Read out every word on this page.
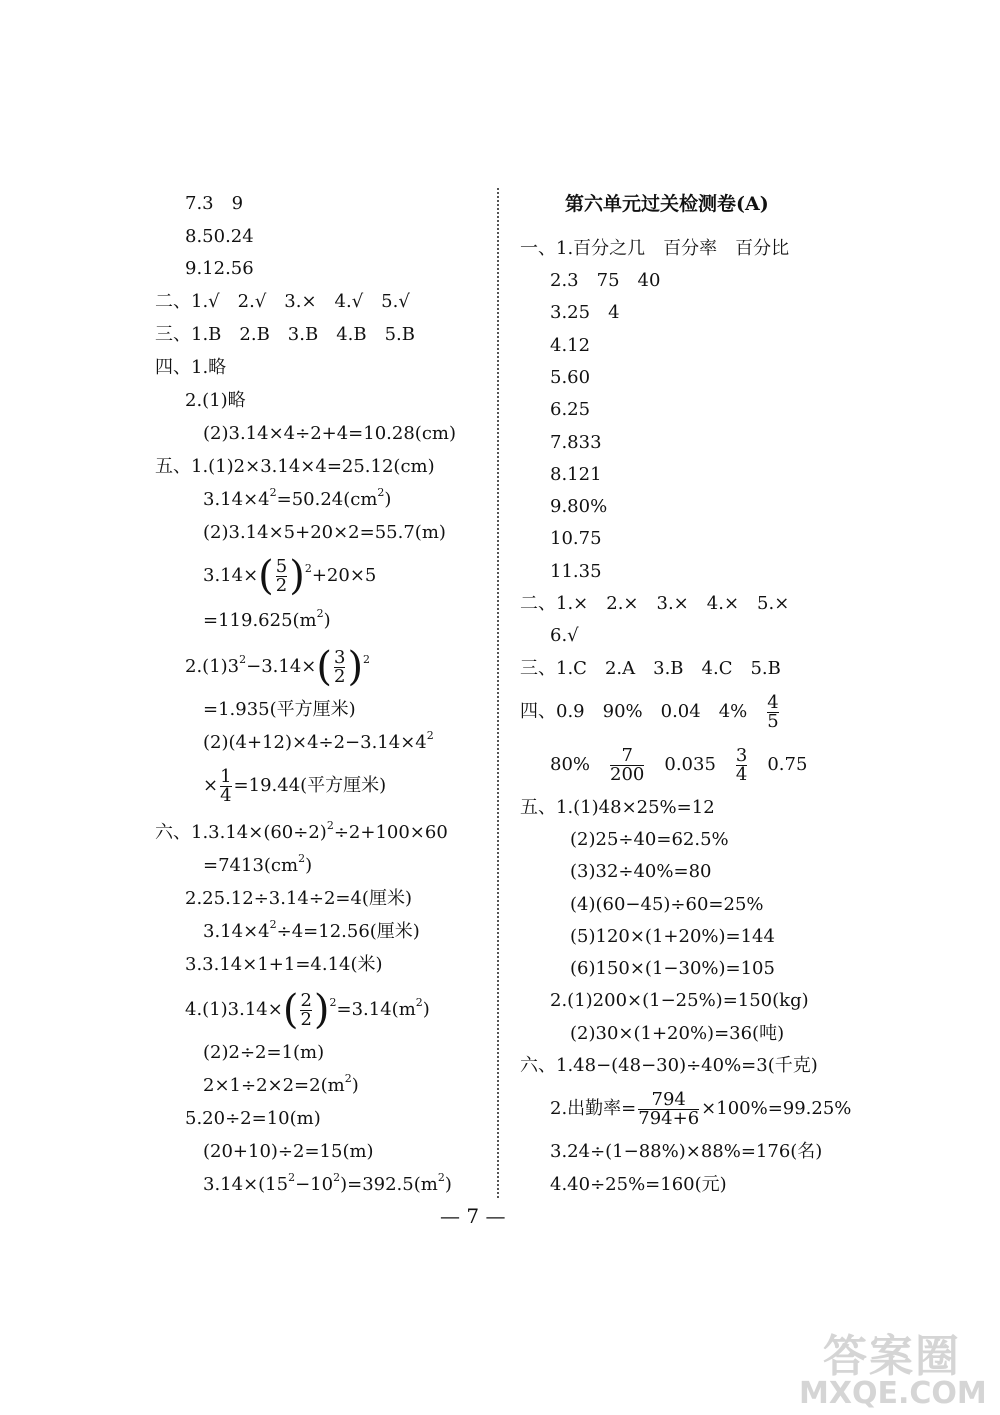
7.3　9
8.50.24
9.12.56
二、1.√　2.√　3.×　4.√　5.√
三、1.B　2.B　3.B　4.B　5.B
四、1.略
2.(1)略
(2)3.14×4÷2+4=10.28(cm)
五、1.(1)2×3.14×4=25.12(cm)
$3.14\times 4^2=50.24(cm^2)$
(2)3.14×5+20×2=55.7(m)
$3.14\times( \frac{5}{2} )^2+20\times 5$
$=119.625(m^2)$
$2.(1)3^2-3.14\times( \frac{3}{2} )^2$
=1.935(平方厘米)
$(2)(4+12)\times 4\div 2-3.14\times 4^2$
× $\frac{1}{4} =19.44$(平方厘米)
六、$1.3.14\times(60\div 2)^2\div 2+100\times 60$
$=7413(cm^2)$
2.25.12÷3.14÷2=4(厘米)
$3.14\times 4^2\div 4=12.56$(厘米)
3.3.14×1+1=4.14(米)
$4.(1)3.14\times( \frac{2}{2} )^2=3.14(m^2)$
(2)2÷2=1(m)
$2\times 1\div 2\times 2=2(m^2)$
5.20÷2=10(m)
(20+10)÷2=15(m)
$3.14\times(15^2-10^2)=392.5(m^2)$
第六单元过关检测卷(A)
一、1.百分之几　百分率　百分比
2.3　75　40
3.25　4
4.12
5.60
6.25
7.833
8.121
9.80%
10.75
11.35
二、1.×　2.×　3.×　4.×　5.×
6.√
三、1.C　2.A　3.B　4.C　5.B
四、0.9　90%　0.04　4%　 $\frac{4}{5}$
80%　 $\frac{7}{200}$
　 0.035　 $\frac{3}{4}$
　 0.75
五、1.(1)48×25%=12
(2)25÷40=62.5%
(3)32÷40%=80
(4)(60−45)÷60=25%
(5)120×(1+20%)=144
(6)150×(1−30%)=105
2.(1)200×(1−25%)=150(kg)
(2)30×(1+20%)=36(吨)
六、1.48−(48−30)÷40%=3(千克)
2.出勤率= $\frac{794}{794+6} \times 100\%=99.25\%$
3.24÷(1−88%)×88%=176(名)
4.40÷25%=160(元)
— 7 —
答案圈
MXQE.COM
